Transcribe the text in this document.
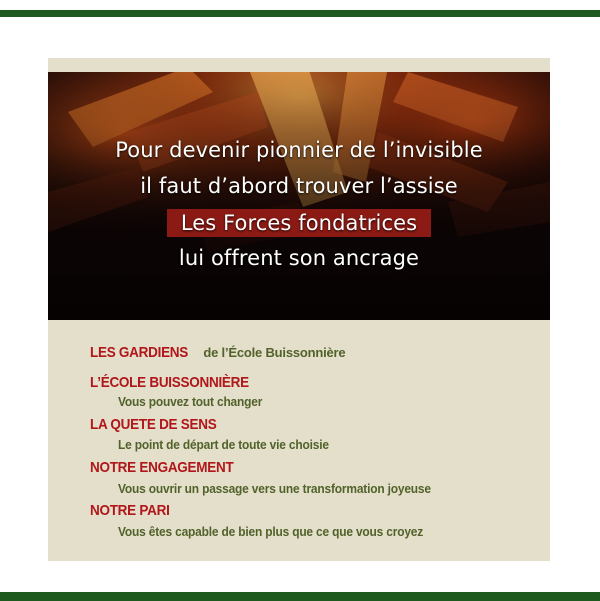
Pour devenir pionnier de l’invisible
il faut d’abord trouver l’assise
Les Forces fondatrices
lui offrent son ancrage
LES GARDIENS de l’École Buissonnière
L’ÉCOLE BUISSONNIÈRE
Vous pouvez tout changer
LA QUETE DE SENS
Le point de départ de toute vie choisie
NOTRE ENGAGEMENT
Vous ouvrir un passage vers une transformation joyeuse
NOTRE PARI
Vous êtes capable de bien plus que ce que vous croyez
